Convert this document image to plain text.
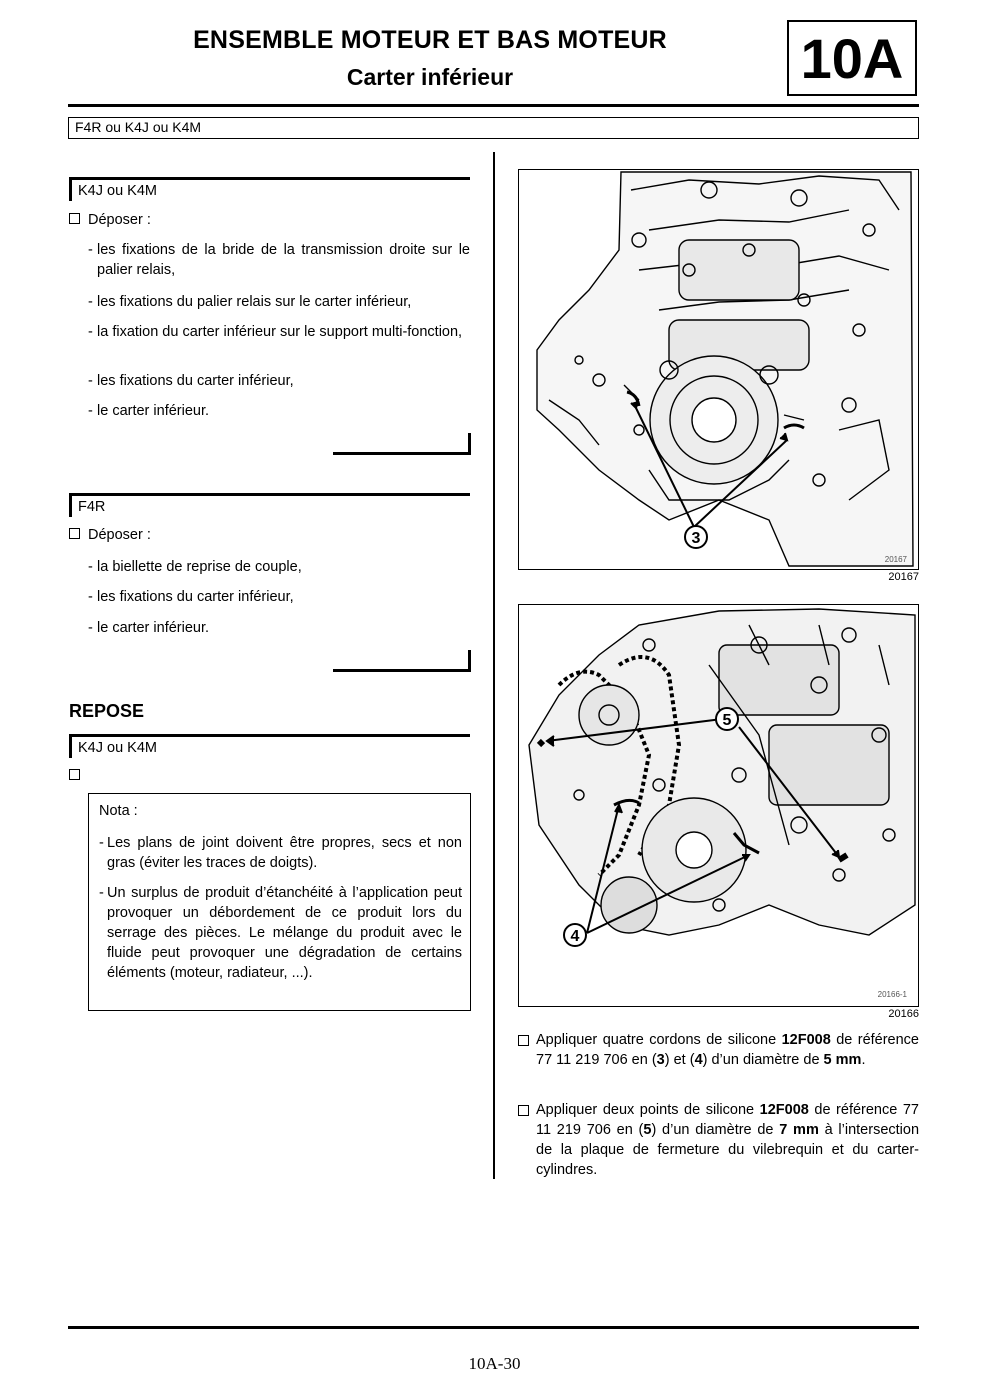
ENSEMBLE MOTEUR ET BAS MOTEUR
Carter inférieur	10A
F4R ou K4J ou K4M
K4J ou K4M
Déposer :
- les fixations de la bride de la transmission droite sur le palier relais,
- les fixations du palier relais sur le carter inférieur,
- la fixation du carter inférieur sur le support multi-fonction,
- les fixations du carter inférieur,
- le carter inférieur.
F4R
Déposer :
- la biellette de reprise de couple,
- les fixations du carter inférieur,
- le carter inférieur.
REPOSE
K4J ou K4M
Nota :
- Les plans de joint doivent être propres, secs et non gras (éviter les traces de doigts).
- Un surplus de produit d’étanchéité à l’application peut provoquer un débordement de ce produit lors du serrage des pièces. Le mélange du produit avec le fluide peut provoquer une dégradation de certains éléments (moteur, radiateur, ...).
3
20167
20167
5
4
20166-1
20166
Appliquer quatre cordons de silicone 12F008 de référence 77 11 219 706 en (3) et (4) d’un diamètre de 5 mm.
Appliquer deux points de silicone 12F008 de référence 77 11 219 706 en (5) d’un diamètre de 7 mm à l’intersection de la plaque de fermeture du vilebrequin et du carter-cylindres.
10A-30
